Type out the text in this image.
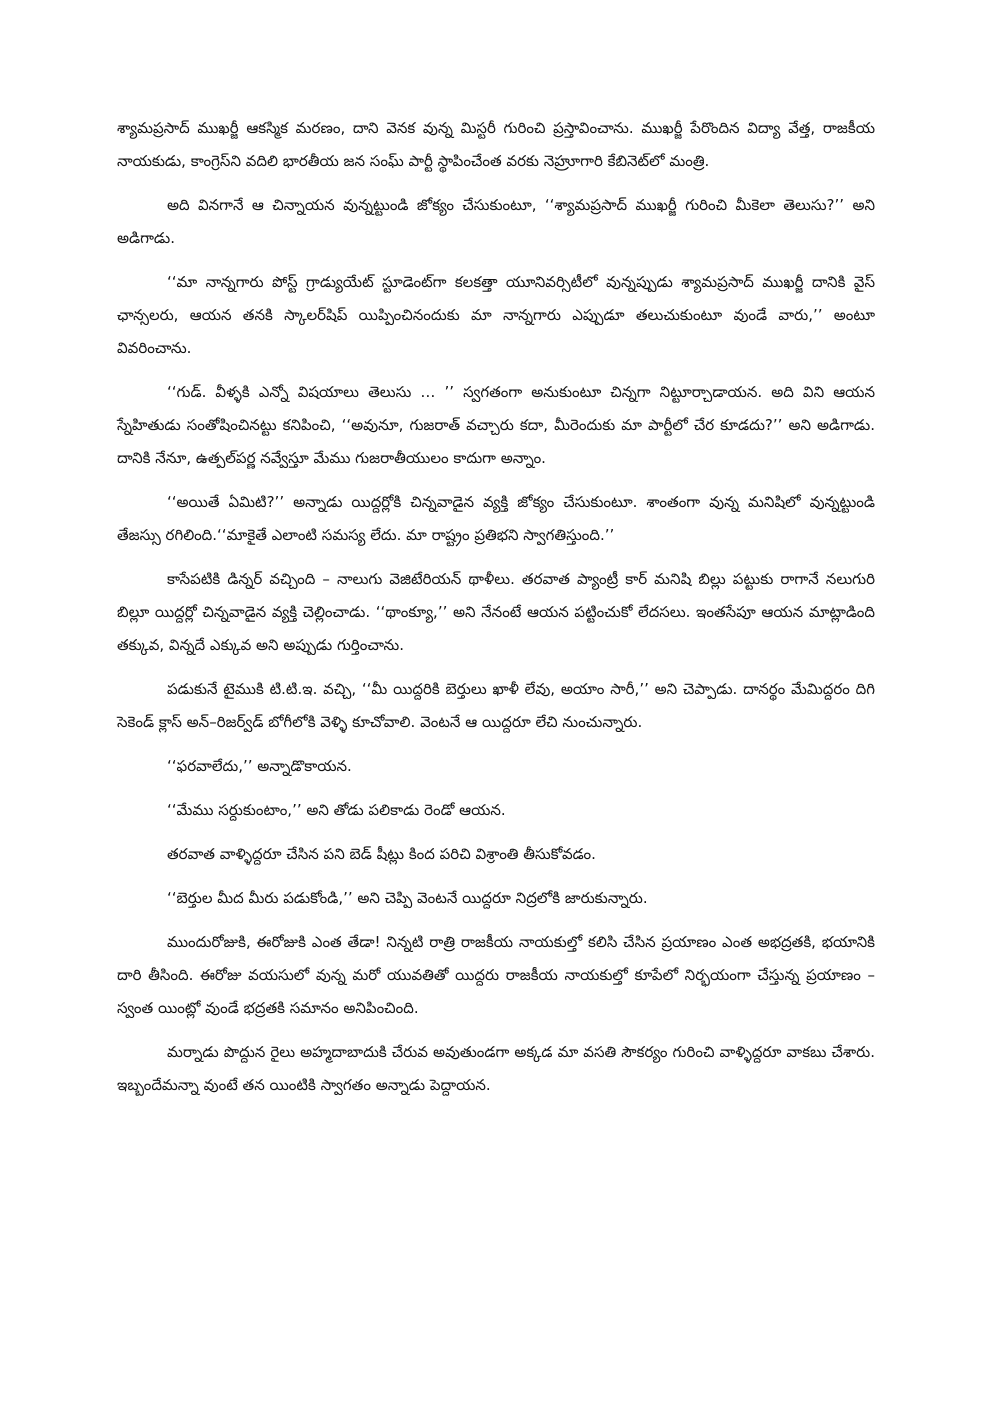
శ్యామప్రసాద్ ముఖర్జీ ఆకస్మిక మరణం, దాని వెనక వున్న మిస్టరీ గురించి ప్రస్తావించాను. ముఖర్జీ పేరొందిన విద్యా వేత్త, రాజకీయ నాయకుడు, కాంగ్రెస్‌ని వదిలి భారతీయ జన సంఘ్ పార్టీ స్థాపించేంత వరకు నెహ్రూగారి కేబినెట్‌లో మంత్రి.

అది వినగానే ఆ చిన్నాయన వున్నట్టుండి జోక్యం చేసుకుంటూ, ‘‘శ్యామప్రసాద్ ముఖర్జీ గురించి మీకెలా తెలుసు?’’ అని అడిగాడు.

‘‘మా నాన్నగారు పోస్ట్ గ్రాడ్యుయేట్ స్టూడెంట్‌గా కలకత్తా యూనివర్సిటీలో వున్నప్పుడు శ్యామప్రసాద్ ముఖర్జీ దానికి వైస్ ఛాన్సలరు, ఆయన తనకి స్కాలర్‌షిప్ యిప్పించినందుకు మా నాన్నగారు ఎప్పుడూ తలుచుకుంటూ వుండే వారు,’’ అంటూ వివరించాను.

‘‘గుడ్. వీళ్ళకి ఎన్నో విషయాలు తెలుసు … ’’ స్వగతంగా అనుకుంటూ చిన్నగా నిట్టూర్చాడాయన. అది విని ఆయన స్నేహితుడు సంతోషించినట్టు కనిపించి, ‘‘అవునూ, గుజరాత్ వచ్చారు కదా, మీరెందుకు మా పార్టీలో చేర కూడదు?’’ అని అడిగాడు. దానికి నేనూ, ఉత్పల్‌పర్ణ నవ్వేస్తూ మేము గుజరాతీయులం కాదుగా అన్నాం.

‘‘అయితే ఏమిటి?’’ అన్నాడు యిద్దర్లోకి చిన్నవాడైన వ్యక్తి జోక్యం చేసుకుంటూ. శాంతంగా వున్న మనిషిలో వున్నట్టుండి తేజస్సు రగిలింది.‘‘మాకైతే ఎలాంటి సమస్య లేదు. మా రాష్ట్రం ప్రతిభని స్వాగతిస్తుంది.’’

కాసేపటికి డిన్నర్ వచ్చింది – నాలుగు వెజిటేరియన్ థాళీలు. తరవాత ప్యాంట్రీ కార్ మనిషి బిల్లు పట్టుకు రాగానే నలుగురి బిల్లూ యిద్దర్లో చిన్నవాడైన వ్యక్తి చెల్లించాడు. ‘‘థాంక్యూ,’’ అని నేనంటే ఆయన పట్టించుకో లేదసలు. ఇంతసేపూ ఆయన మాట్లాడింది తక్కువ, విన్నదే ఎక్కువ అని అప్పుడు గుర్తించాను.

పడుకునే టైముకి టి.టి.ఇ. వచ్చి, ‘‘మీ యిద్దరికి బెర్తులు ఖాళీ లేవు, అయాం సారీ,’’ అని చెప్పాడు. దానర్థం మేమిద్దరం దిగి సెకెండ్ క్లాస్ అన్–రిజర్వ్‌డ్ బోగీలోకి వెళ్ళి కూచోవాలి. వెంటనే ఆ యిద్దరూ లేచి నుంచున్నారు.

‘‘ఫరవాలేదు,’’ అన్నాడొకాయన.

‘‘మేము సర్దుకుంటాం,’’ అని తోడు పలికాడు రెండో ఆయన.

తరవాత వాళ్ళిద్దరూ చేసిన పని బెడ్ షీట్లు కింద పరిచి విశ్రాంతి తీసుకోవడం.

‘‘బెర్తుల మీద మీరు పడుకోండి,’’ అని చెప్పి వెంటనే యిద్దరూ నిద్రలోకి జారుకున్నారు.

ముందురోజుకి, ఈరోజుకి ఎంత తేడా! నిన్నటి రాత్రి రాజకీయ నాయకుల్తో కలిసి చేసిన ప్రయాణం ఎంత అభద్రతకి, భయానికి దారి తీసింది. ఈరోజు వయసులో వున్న మరో యువతితో యిద్దరు రాజకీయ నాయకుల్తో కూపేలో నిర్భయంగా చేస్తున్న ప్రయాణం – స్వంత యింట్లో వుండే భద్రతకి సమానం అనిపించింది.

మర్నాడు పొద్దున రైలు అహ్మదాబాదుకి చేరువ అవుతుండగా అక్కడ మా వసతి సౌకర్యం గురించి వాళ్ళిద్దరూ వాకబు చేశారు. ఇబ్బందేమన్నా వుంటే తన యింటికి స్వాగతం అన్నాడు పెద్దాయన.
